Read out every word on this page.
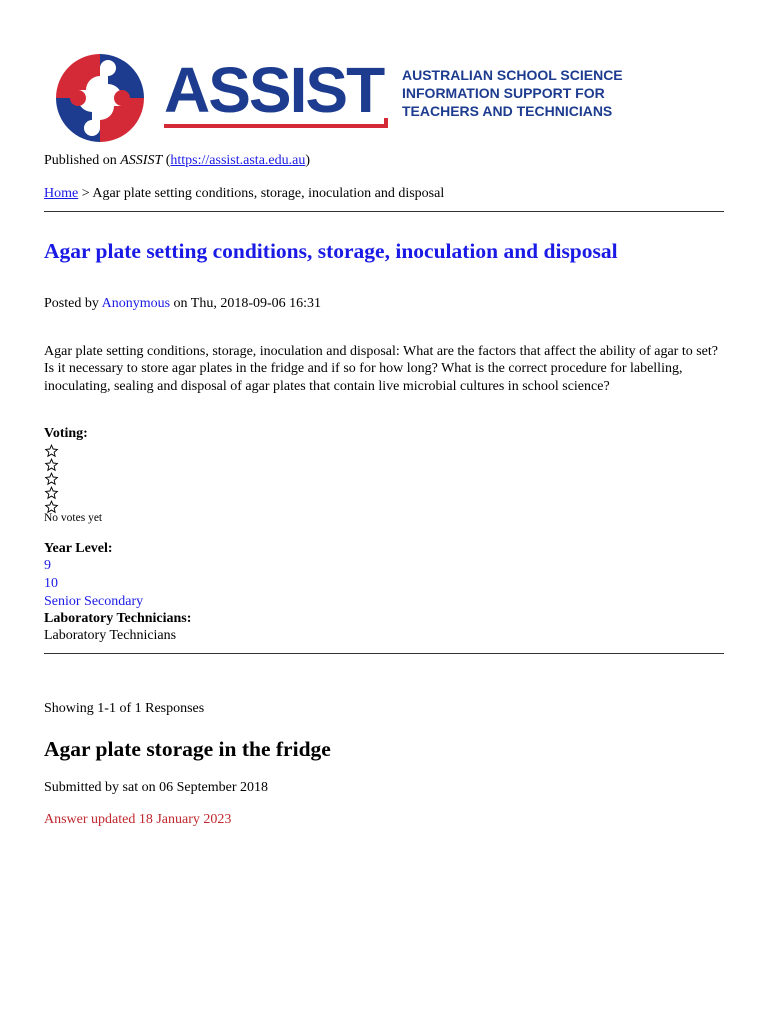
ASSIST AUSTRALIAN SCHOOL SCIENCE
INFORMATION SUPPORT FOR
TEACHERS AND TECHNICIANS
Published on ASSIST (https://assist.asta.edu.au)
Home > Agar plate setting conditions, storage, inoculation and disposal
Agar plate setting conditions, storage, inoculation and disposal
Posted by Anonymous on Thu, 2018-09-06 16:31
Agar plate setting conditions, storage, inoculation and disposal: What are the factors that affect the ability of agar to set? Is it necessary to store agar plates in the fridge and if so for how long? What is the correct procedure for labelling, inoculating, sealing and disposal of agar plates that contain live microbial cultures in school science?
Voting:
No votes yet
Year Level:
9
10
Senior Secondary
Laboratory Technicians:
Laboratory Technicians
Showing 1-1 of 1 Responses
Agar plate storage in the fridge
Submitted by sat on 06 September 2018
Answer updated 18 January 2023
